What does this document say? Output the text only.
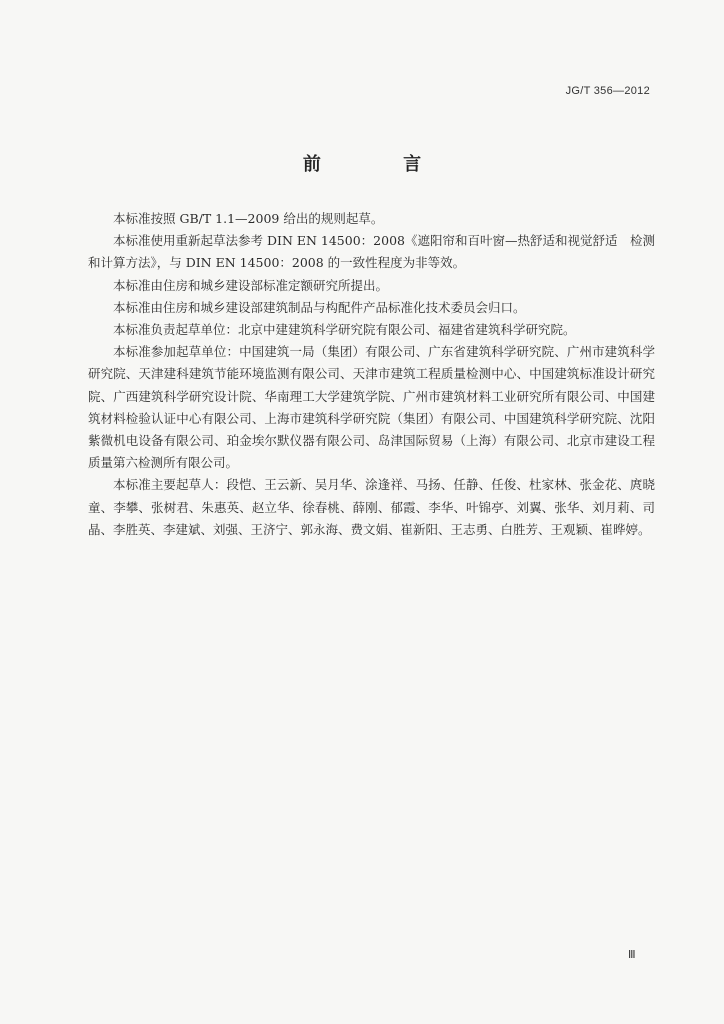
JG/T 356—2012
前 言

本标准按照 GB/T 1.1—2009 给出的规则起草。

本标准使用重新起草法参考 DIN EN 14500：2008《遮阳帘和百叶窗—热舒适和视觉舒适　检测和计算方法》，与 DIN EN 14500：2008 的一致性程度为非等效。

本标准由住房和城乡建设部标准定额研究所提出。

本标准由住房和城乡建设部建筑制品与构配件产品标准化技术委员会归口。

本标准负责起草单位：北京中建建筑科学研究院有限公司、福建省建筑科学研究院。

本标准参加起草单位：中国建筑一局（集团）有限公司、广东省建筑科学研究院、广州市建筑科学研究院、天津建科建筑节能环境监测有限公司、天津市建筑工程质量检测中心、中国建筑标准设计研究院、广西建筑科学研究设计院、华南理工大学建筑学院、广州市建筑材料工业研究所有限公司、中国建筑材料检验认证中心有限公司、上海市建筑科学研究院（集团）有限公司、中国建筑科学研究院、沈阳紫微机电设备有限公司、珀金埃尔默仪器有限公司、岛津国际贸易（上海）有限公司、北京市建设工程质量第六检测所有限公司。

本标准主要起草人：段恺、王云新、吴月华、涂逢祥、马扬、任静、任俊、杜家林、张金花、庹晓童、李攀、张树君、朱惠英、赵立华、徐春桃、薛刚、郁霞、李华、叶锦亭、刘翼、张华、刘月莉、司晶、李胜英、李建斌、刘强、王济宁、郭永海、费文娟、崔新阳、王志勇、白胜芳、王观颖、崔晔婷。

Ⅲ
